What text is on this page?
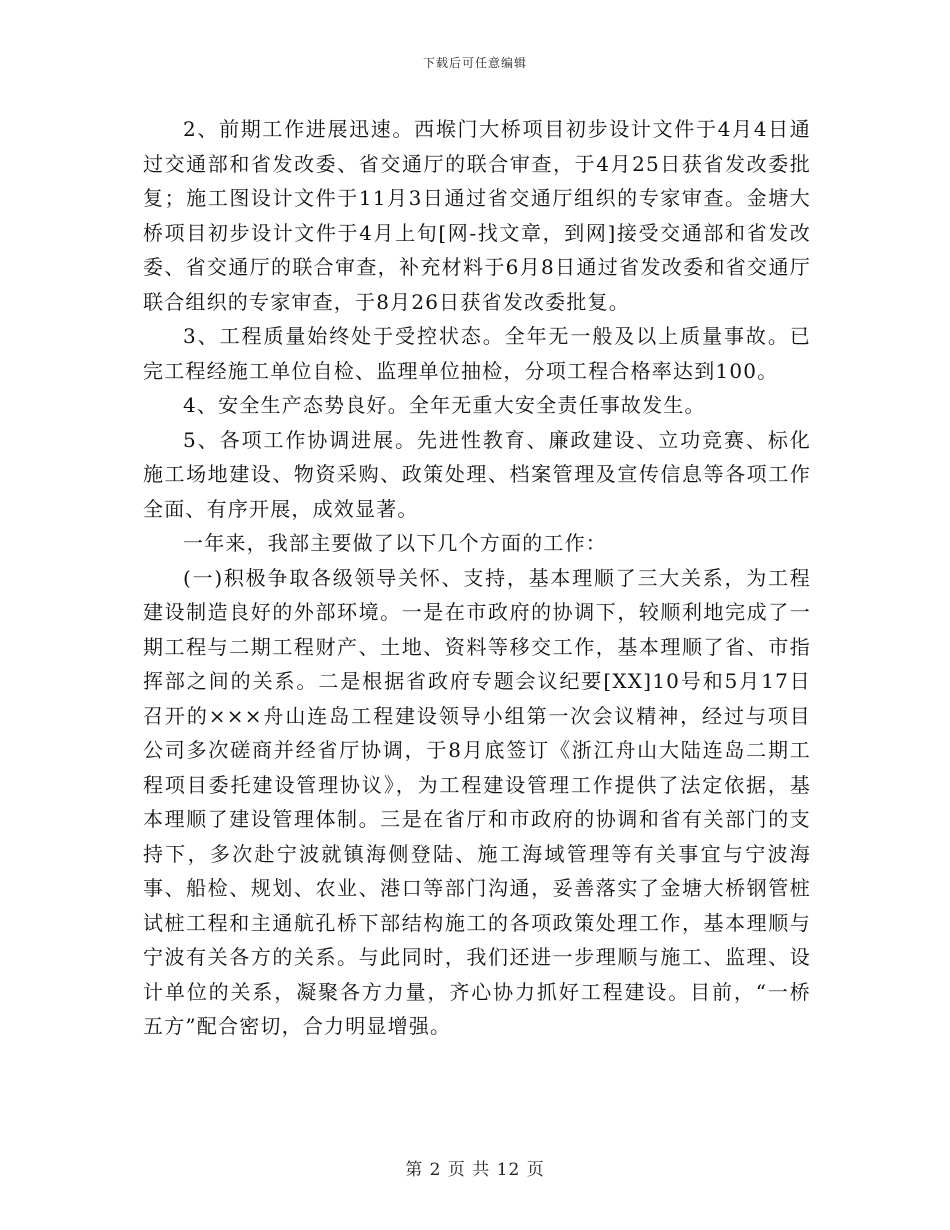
下载后可任意编辑

2、前期工作进展迅速。西堠门大桥项目初步设计文件于4月4日通过交通部和省发改委、省交通厅的联合审查，于4月25日获省发改委批复；施工图设计文件于11月3日通过省交通厅组织的专家审查。金塘大桥项目初步设计文件于4月上旬[网-找文章，到网]接受交通部和省发改委、省交通厅的联合审查，补充材料于6月8日通过省发改委和省交通厅联合组织的专家审查，于8月26日获省发改委批复。

3、工程质量始终处于受控状态。全年无一般及以上质量事故。已完工程经施工单位自检、监理单位抽检，分项工程合格率达到100。

4、安全生产态势良好。全年无重大安全责任事故发生。

5、各项工作协调进展。先进性教育、廉政建设、立功竞赛、标化施工场地建设、物资采购、政策处理、档案管理及宣传信息等各项工作全面、有序开展，成效显著。

一年来，我部主要做了以下几个方面的工作：

(一)积极争取各级领导关怀、支持，基本理顺了三大关系，为工程建设制造良好的外部环境。一是在市政府的协调下，较顺利地完成了一期工程与二期工程财产、土地、资料等移交工作，基本理顺了省、市指挥部之间的关系。二是根据省政府专题会议纪要[XX]10号和5月17日召开的×××舟山连岛工程建设领导小组第一次会议精神，经过与项目公司多次磋商并经省厅协调，于8月底签订《浙江舟山大陆连岛二期工程项目委托建设管理协议》，为工程建设管理工作提供了法定依据，基本理顺了建设管理体制。三是在省厅和市政府的协调和省有关部门的支持下，多次赴宁波就镇海侧登陆、施工海域管理等有关事宜与宁波海事、船检、规划、农业、港口等部门沟通，妥善落实了金塘大桥钢管桩试桩工程和主通航孔桥下部结构施工的各项政策处理工作，基本理顺与宁波有关各方的关系。与此同时，我们还进一步理顺与施工、监理、设计单位的关系，凝聚各方力量，齐心协力抓好工程建设。目前，“一桥五方”配合密切，合力明显增强。

第 2 页 共 12 页
